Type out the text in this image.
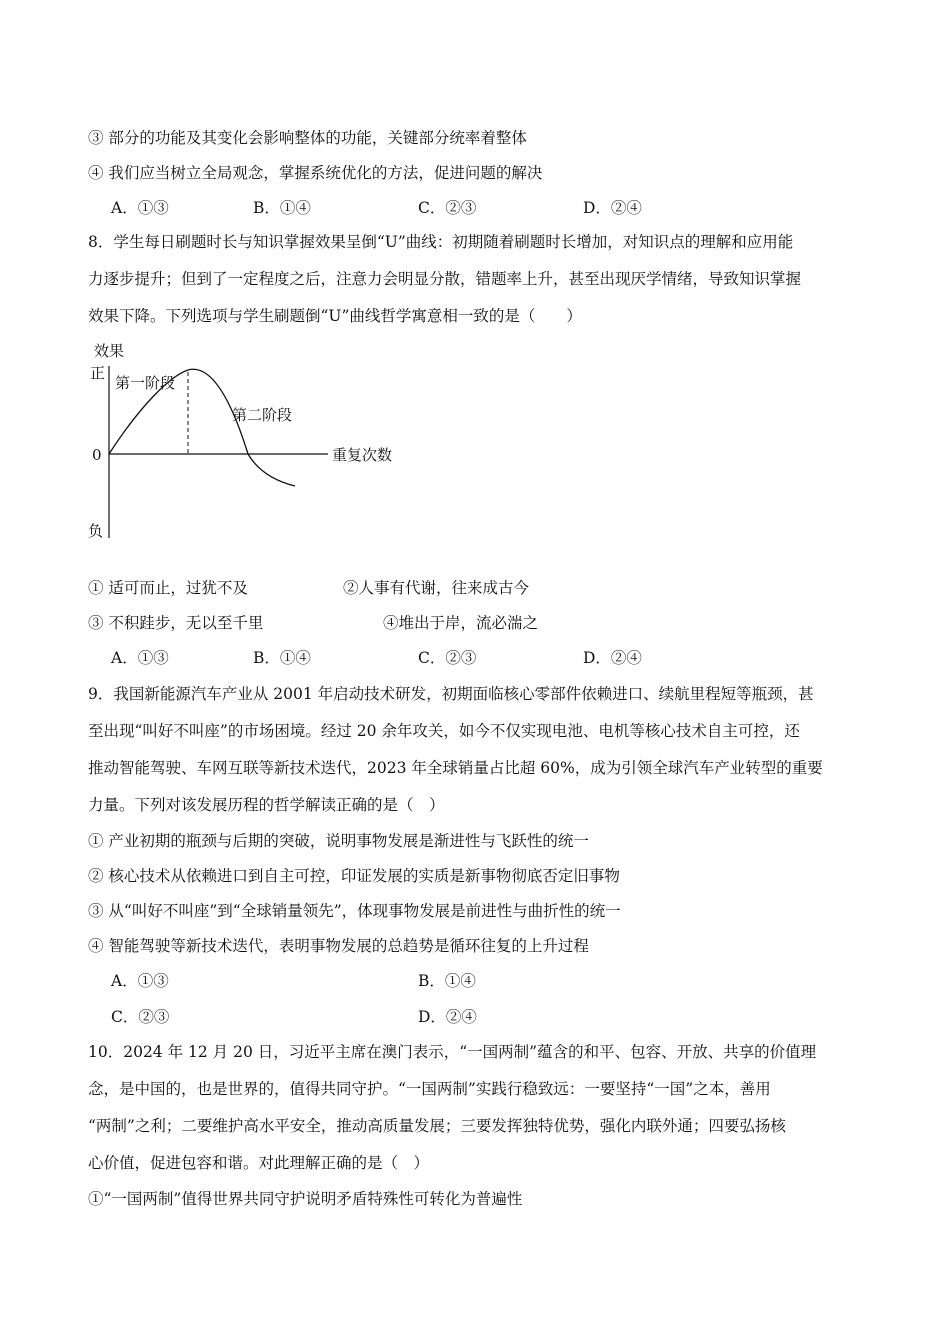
③ 部分的功能及其变化会影响整体的功能，关键部分统率着整体
④ 我们应当树立全局观念，掌握系统优化的方法，促进问题的解决
A．①③	B．①④	C．②③	D．②④
8．学生每日刷题时长与知识掌握效果呈倒“U”曲线：初期随着刷题时长增加，对知识点的理解和应用能
力逐步提升；但到了一定程度之后，注意力会明显分散，错题率上升，甚至出现厌学情绪，导致知识掌握
效果下降。下列选项与学生刷题倒“U”曲线哲学寓意相一致的是（　　）
效果
正
0
负
重复次数
第一阶段
第二阶段
① 适可而止，过犹不及	②人事有代谢，往来成古今
③ 不积跬步，无以至千里	④堆出于岸，流必湍之
A．①③	B．①④	C．②③	D．②④
9．我国新能源汽车产业从 2001 年启动技术研发，初期面临核心零部件依赖进口、续航里程短等瓶颈，甚
至出现“叫好不叫座”的市场困境。经过 20 余年攻关，如今不仅实现电池、电机等核心技术自主可控，还
推动智能驾驶、车网互联等新技术迭代，2023 年全球销量占比超 60%，成为引领全球汽车产业转型的重要
力量。下列对该发展历程的哲学解读正确的是（　）
① 产业初期的瓶颈与后期的突破，说明事物发展是渐进性与飞跃性的统一
② 核心技术从依赖进口到自主可控，印证发展的实质是新事物彻底否定旧事物
③ 从“叫好不叫座”到“全球销量领先”，体现事物发展是前进性与曲折性的统一
④ 智能驾驶等新技术迭代，表明事物发展的总趋势是循环往复的上升过程
A．①③	B．①④
C．②③	D．②④
10．2024 年 12 月 20 日，习近平主席在澳门表示，“一国两制”蕴含的和平、包容、开放、共享的价值理
念，是中国的，也是世界的，值得共同守护。“一国两制”实践行稳致远：一要坚持“一国”之本，善用
“两制”之利；二要维护高水平安全，推动高质量发展；三要发挥独特优势，强化内联外通；四要弘扬核
心价值，促进包容和谐。对此理解正确的是（　）
①“一国两制”值得世界共同守护说明矛盾特殊性可转化为普遍性
